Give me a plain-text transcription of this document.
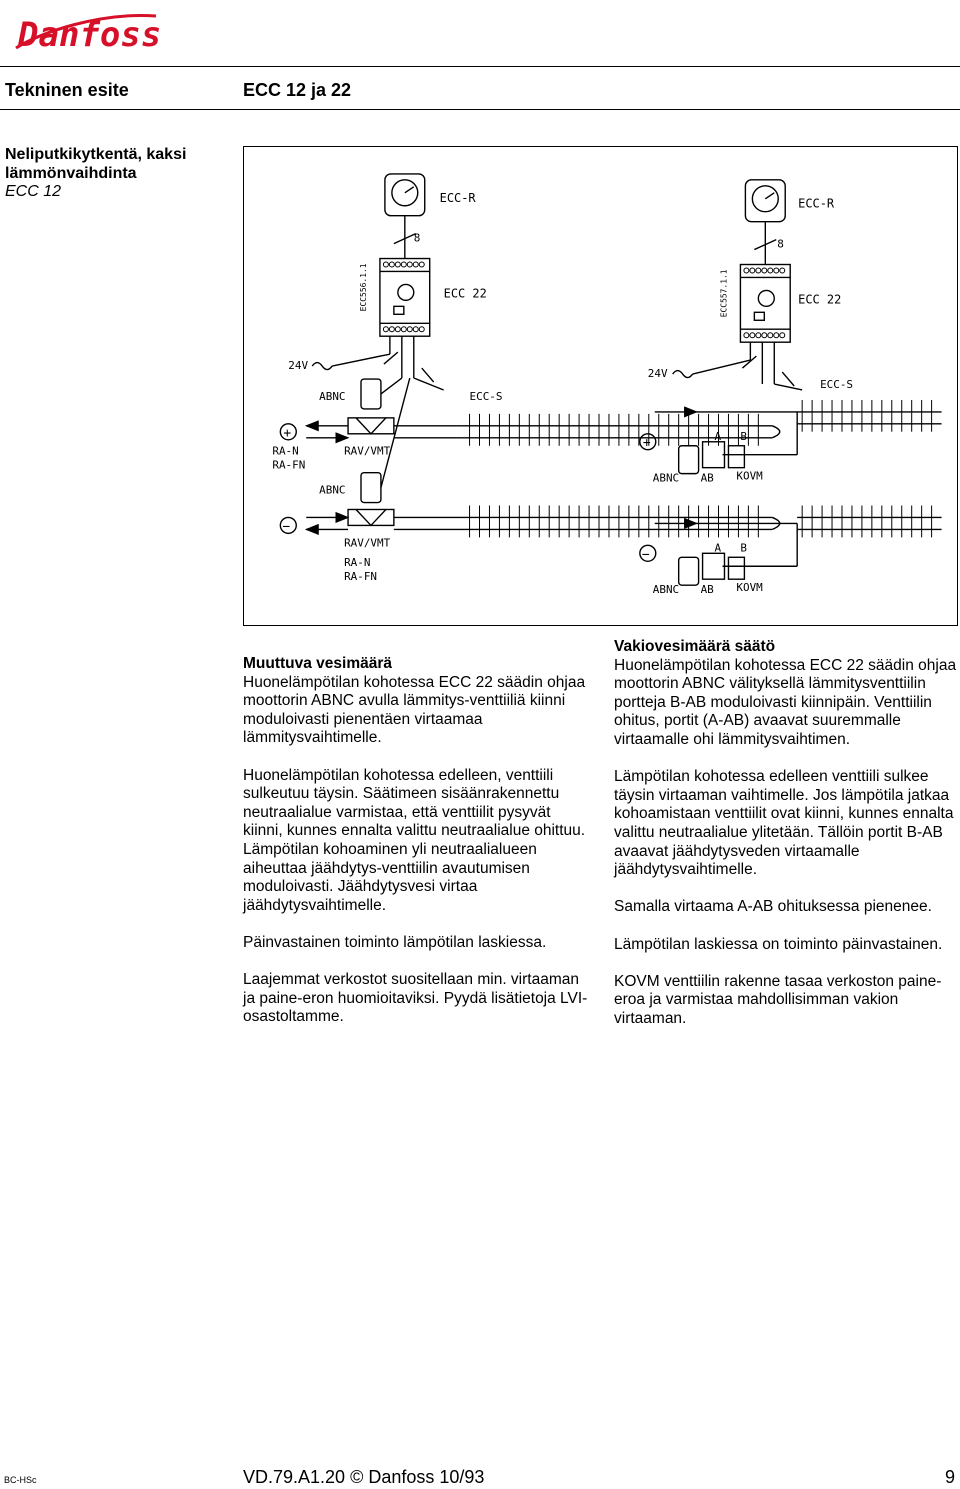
Danfoss
Tekninen esite	ECC 12 ja 22
Neliputkikytkentä, kaksi
lämmönvaihdinta
ECC 12	ECC-R
8
ECC556.1.1	ECC 22
24V
ABNC	ECC-S
+
RA-N
RA-FN
RAV/VMT
ABNC
−
RAV/VMT
RA-N
RA-FN
ECC-R
8
ECC557.1.1	ECC 22
24V
ECC-S
+	A B
ABNC AB KOVM
−	A B
ABNC AB KOVM

Muuttuva vesimäärä
Huonelämpötilan kohotessa ECC 22 säädin ohjaa moottorin ABNC avulla lämmitys-venttiiliä kiinni moduloivasti pienentäen virtaamaa lämmitysvaihtimelle.

Huonelämpötilan kohotessa edelleen, venttiili sulkeutuu täysin. Säätimeen sisäänrakennettu neutraalialue varmistaa, että venttiilit pysyvät kiinni, kunnes ennalta valittu neutraalialue ohittuu. Lämpötilan kohoaminen yli neutraalialueen aiheuttaa jäähdytys-venttiilin avautumisen moduloivasti. Jäähdytysvesi virtaa jäähdytysvaihtimelle.

Päinvastainen toiminto lämpötilan laskiessa.

Laajemmat verkostot suositellaan min. virtaaman ja paine-eron huomioitaviksi. Pyydä lisätietoja LVI-osastoltamme.

Vakiovesimäärä säätö
Huonelämpötilan kohotessa ECC 22 säädin ohjaa moottorin ABNC välityksellä lämmitysventtiilin portteja B-AB moduloivasti kiinnipäin. Venttiilin ohitus, portit (A-AB) avaavat suuremmalle virtaamalle ohi lämmitysvaihtimen.

Lämpötilan kohotessa edelleen venttiili sulkee täysin virtaaman vaihtimelle. Jos lämpötila jatkaa kohoamistaan venttiilit ovat kiinni, kunnes ennalta valittu neutraalialue ylitetään. Tällöin portit B-AB avaavat jäähdytysveden virtaamalle jäähdytysvaihtimelle.

Samalla virtaama A-AB ohituksessa pienenee.

Lämpötilan laskiessa on toiminto päinvastainen.

KOVM venttiilin rakenne tasaa verkoston paine-eroa ja varmistaa mahdollisimman vakion virtaaman.

BC-HSc	VD.79.A1.20 © Danfoss 10/93	9
